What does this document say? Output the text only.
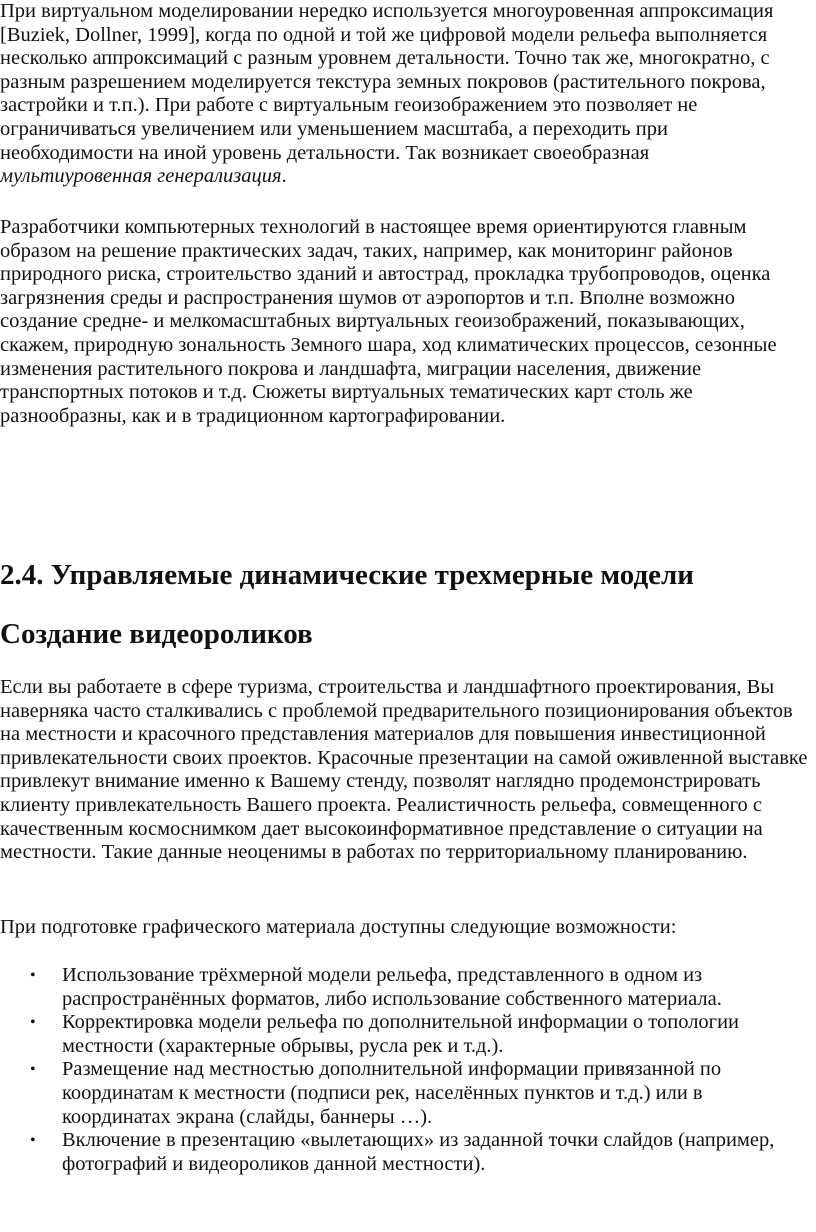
При виртуальном моделировании нередко используется многоуровенная аппроксимация [Buziek, Dollner, 1999], когда по одной и той же цифровой модели рельефа выполняется несколько аппроксимаций с разным уровнем детальности. Точно так же, многократно, с разным разрешением моделируется текстура земных покровов (растительного покрова, застройки и т.п.). При работе с виртуальным геоизображением это позволяет не ограничиваться увеличением или уменьшением масштаба, а переходить при необходимости на иной уровень детальности. Так возникает своеобразная мультиуровенная генерализация.

Разработчики компьютерных технологий в настоящее время ориентируются главным образом на решение практических задач, таких, например, как мониторинг районов природного риска, строительство зданий и автострад, прокладка трубопроводов, оценка загрязнения среды и распространения шумов от аэропортов и т.п. Вполне возможно создание средне- и мелкомасштабных виртуальных геоизображений, показывающих, скажем, природную зональность Земного шара, ход климатических процессов, сезонные изменения растительного покрова и ландшафта, миграции населения, движение транспортных потоков и т.д. Сюжеты виртуальных тематических карт столь же разнообразны, как и в традиционном картографировании.

2.4. Управляемые динамические трехмерные модели
Создание видеороликов

Если вы работаете в сфере туризма, строительства и ландшафтного проектирования, Вы наверняка часто сталкивались с проблемой предварительного позиционирования объектов на местности и красочного представления материалов для повышения инвестиционной привлекательности своих проектов. Красочные презентации на самой оживленной выставке привлекут внимание именно к Вашему стенду, позволят наглядно продемонстрировать клиенту привлекательность Вашего проекта. Реалистичность рельефа, совмещенного с качественным космоснимком дает высокоинформативное представление о ситуации на местности. Такие данные неоценимы в работах по территориальному планированию.

При подготовке графического материала доступны следующие возможности:

• Использование трёхмерной модели рельефа, представленного в одном из распространённых форматов, либо использование собственного материала.
• Корректировка модели рельефа по дополнительной информации о топологии местности (характерные обрывы, русла рек и т.д.).
• Размещение над местностью дополнительной информации привязанной по координатам к местности (подписи рек, населённых пунктов и т.д.) или в координатах экрана (слайды, баннеры …).
• Включение в презентацию «вылетающих» из заданной точки слайдов (например, фотографий и видеороликов данной местности).
